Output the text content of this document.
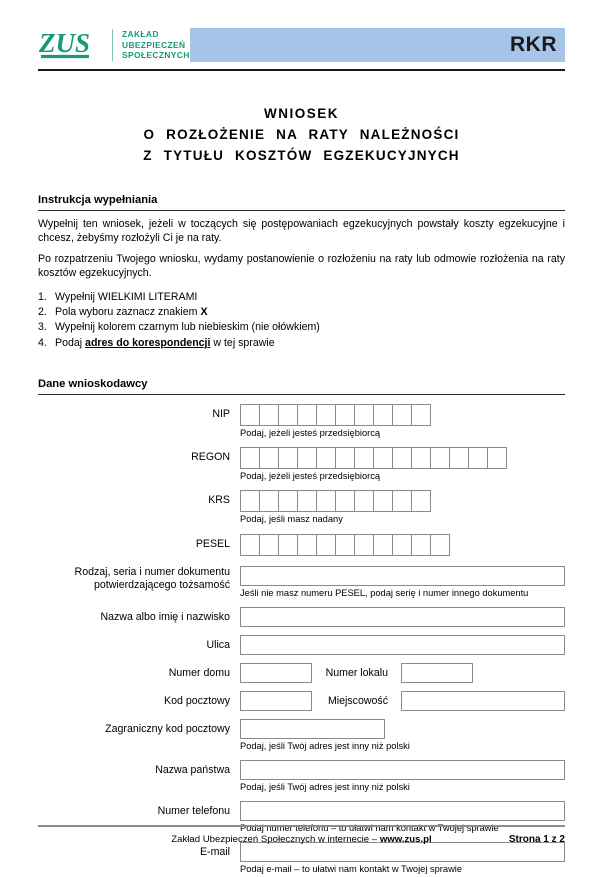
ZUS	ZAKŁAD
UBEZPIECZEŃ
SPOŁECZNYCH	RKR
WNIOSEK
O ROZŁOŻENIE NA RATY NALEŻNOŚCI
Z TYTUŁU KOSZTÓW EGZEKUCYJNYCH
Instrukcja wypełniania

Wypełnij ten wniosek, jeżeli w toczących się postępowaniach egzekucyjnych powstały koszty egzekucyjne i chcesz, żebyśmy rozłożyli Ci je na raty.

Po rozpatrzeniu Twojego wniosku, wydamy postanowienie o rozłożeniu na raty lub odmowie rozłożenia na raty kosztów egzekucyjnych.

1. Wypełnij WIELKIMI LITERAMI
2. Pola wyboru zaznacz znakiem X
3. Wypełnij kolorem czarnym lub niebieskim (nie ołówkiem)
4. Podaj adres do korespondencji w tej sprawie
Dane wnioskodawcy
NIP
Podaj, jeżeli jesteś przedsiębiorcą
REGON
Podaj, jeżeli jesteś przedsiębiorcą
KRS
Podaj, jeśli masz nadany
PESEL
Rodzaj, seria i numer dokumentu
potwierdzającego tożsamość
Jeśli nie masz numeru PESEL, podaj serię i numer innego dokumentu
Nazwa albo imię i nazwisko
Ulica
Numer domu	Numer lokalu
Kod pocztowy	Miejscowość
Zagraniczny kod pocztowy
Podaj, jeśli Twój adres jest inny niż polski
Nazwa państwa
Podaj, jeśli Twój adres jest inny niż polski
Numer telefonu
Podaj numer telefonu – to ułatwi nam kontakt w Twojej sprawie
E-mail
Podaj e-mail – to ułatwi nam kontakt w Twojej sprawie
Zakład Ubezpieczeń Społecznych w internecie – www.zus.pl	Strona 1 z 2
